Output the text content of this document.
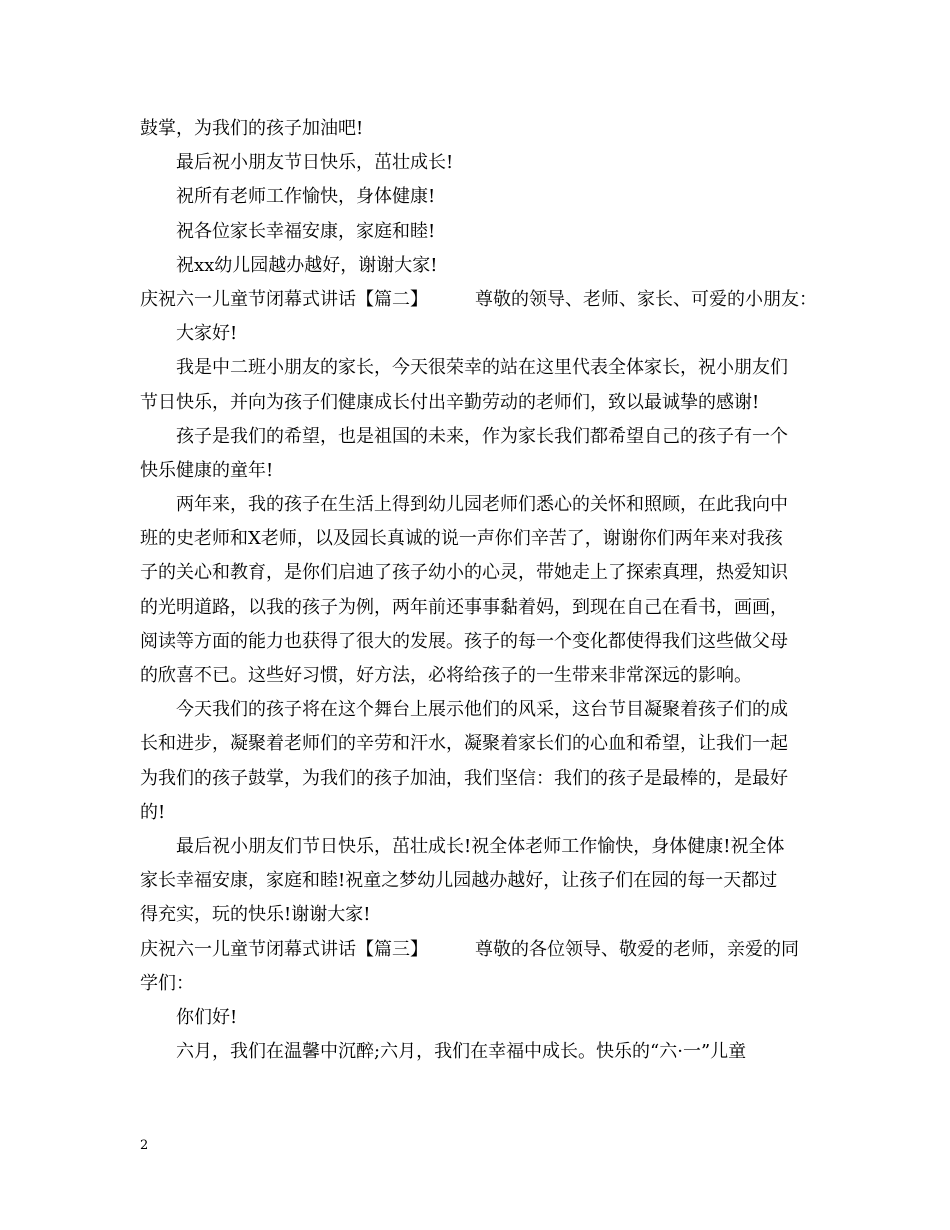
鼓掌，为我们的孩子加油吧!
最后祝小朋友节日快乐，茁壮成长!
祝所有老师工作愉快，身体健康!
祝各位家长幸福安康，家庭和睦!
祝xx幼儿园越办越好，谢谢大家!
庆祝六一儿童节闭幕式讲话【篇二】	尊敬的领导、老师、家长、可爱的小朋友：
大家好!
我是中二班小朋友的家长，今天很荣幸的站在这里代表全体家长，祝小朋友们
节日快乐，并向为孩子们健康成长付出辛勤劳动的老师们，致以最诚挚的感谢!
孩子是我们的希望，也是祖国的未来，作为家长我们都希望自己的孩子有一个
快乐健康的童年!
两年来，我的孩子在生活上得到幼儿园老师们悉心的关怀和照顾，在此我向中
班的史老师和X老师，以及园长真诚的说一声你们辛苦了，谢谢你们两年来对我孩
子的关心和教育，是你们启迪了孩子幼小的心灵，带她走上了探索真理，热爱知识
的光明道路，以我的孩子为例，两年前还事事黏着妈，到现在自己在看书，画画，
阅读等方面的能力也获得了很大的发展。孩子的每一个变化都使得我们这些做父母
的欣喜不已。这些好习惯，好方法，必将给孩子的一生带来非常深远的影响。
今天我们的孩子将在这个舞台上展示他们的风采，这台节目凝聚着孩子们的成
长和进步，凝聚着老师们的辛劳和汗水，凝聚着家长们的心血和希望，让我们一起
为我们的孩子鼓掌，为我们的孩子加油，我们坚信：我们的孩子是最棒的，是最好
的!
最后祝小朋友们节日快乐，茁壮成长!祝全体老师工作愉快，身体健康!祝全体
家长幸福安康，家庭和睦!祝童之梦幼儿园越办越好，让孩子们在园的每一天都过
得充实，玩的快乐!谢谢大家!
庆祝六一儿童节闭幕式讲话【篇三】	尊敬的各位领导、敬爱的老师，亲爱的同
学们：
你们好!
六月，我们在温馨中沉醉;六月，我们在幸福中成长。快乐的“六·一”儿童
2
